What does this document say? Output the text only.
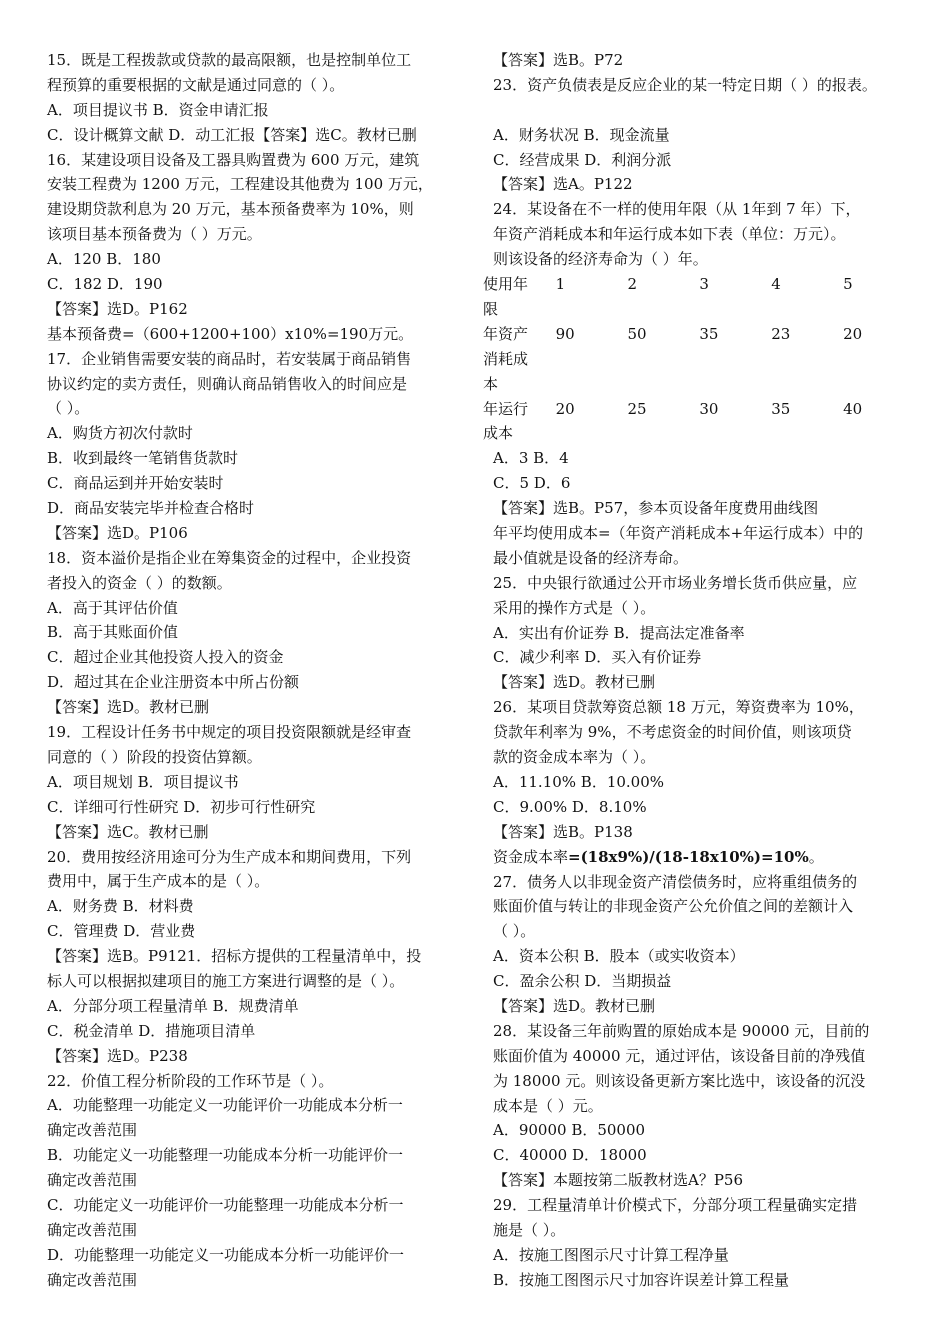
15．既是工程拨款或贷款的最高限额，也是控制单位工
程预算的重要根据的文献是通过同意的（ ）。
A．项目提议书 B．资金申请汇报
C．设计概算文献 D．动工汇报【答案】选C。教材已删
16．某建设项目设备及工器具购置费为 600 万元，建筑
安装工程费为 1200 万元，工程建设其他费为 100 万元，
建设期贷款利息为 20 万元，基本预备费率为 10%，则
该项目基本预备费为（ ）万元。
A．120 B．180
C．182 D．190
【答案】选D。P162
基本预备费=（600+1200+100）x10%=190万元。
17．企业销售需要安装的商品时，若安装属于商品销售
协议约定的卖方责任，则确认商品销售收入的时间应是
（ ）。
A．购货方初次付款时
B．收到最终一笔销售货款时
C．商品运到并开始安装时
D．商品安装完毕并检查合格时
【答案】选D。P106
18．资本溢价是指企业在筹集资金的过程中，企业投资
者投入的资金（ ）的数额。
A．高于其评估价值
B．高于其账面价值
C．超过企业其他投资人投入的资金
D．超过其在企业注册资本中所占份额
【答案】选D。教材已删
19．工程设计任务书中规定的项目投资限额就是经审查
同意的（ ）阶段的投资估算额。
A．项目规划 B．项目提议书
C．详细可行性研究 D．初步可行性研究
【答案】选C。教材已删
20．费用按经济用途可分为生产成本和期间费用，下列
费用中，属于生产成本的是（ ）。
A．财务费 B．材料费
C．管理费 D．营业费
【答案】选B。P9121．招标方提供的工程量清单中，投
标人可以根据拟建项目的施工方案进行调整的是（ ）。
A．分部分项工程量清单 B．规费清单
C．税金清单 D．措施项目清单
【答案】选D。P238
22．价值工程分析阶段的工作环节是（ ）。
A．功能整理一功能定义一功能评价一功能成本分析一
确定改善范围
B．功能定义一功能整理一功能成本分析一功能评价一
确定改善范围
C．功能定义一功能评价一功能整理一功能成本分析一
确定改善范围
D．功能整理一功能定义一功能成本分析一功能评价一
确定改善范围
【答案】选B。P72
23．资产负债表是反应企业的某一特定日期（ ）的报表。
A．财务状况 B．现金流量
C．经营成果 D．利润分派
【答案】选A。P122
24．某设备在不一样的使用年限（从 1年到 7 年）下，
年资产消耗成本和年运行成本如下表（单位：万元）。
则该设备的经济寿命为（ ）年。
使用年限	1	2	3	4	5
年资产消耗成本	90	50	35	23	20
年运行成本	20	25	30	35	40
A．3 B．4
C．5 D．6
【答案】选B。P57，参本页设备年度费用曲线图
年平均使用成本=（年资产消耗成本+年运行成本）中的
最小值就是设备的经济寿命。
25．中央银行欲通过公开市场业务增长货币供应量，应
采用的操作方式是（ ）。
A．实出有价证券 B．提高法定准备率
C．减少利率 D．买入有价证券
【答案】选D。教材已删
26．某项目贷款筹资总额 18 万元，筹资费率为 10%，
贷款年利率为 9%，不考虑资金的时间价值，则该项贷
款的资金成本率为（ ）。
A．11.10% B．10.00%
C．9.00% D．8.10%
【答案】选B。P138
资金成本率=(18x9%)/(18-18x10%)=10%。
27．债务人以非现金资产清偿债务时，应将重组债务的
账面价值与转让的非现金资产公允价值之间的差额计入
（ ）。
A．资本公积 B．股本（或实收资本）
C．盈余公积 D．当期损益
【答案】选D。教材已删
28．某设备三年前购置的原始成本是 90000 元，目前的
账面价值为 40000 元，通过评估，该设备目前的净残值
为 18000 元。则该设备更新方案比选中，该设备的沉没
成本是（ ）元。
A．90000 B．50000
C．40000 D．18000
【答案】本题按第二版教材选A？P56
29．工程量清单计价模式下，分部分项工程量确实定措
施是（ ）。
A．按施工图图示尺寸计算工程净量
B．按施工图图示尺寸加容许误差计算工程量
